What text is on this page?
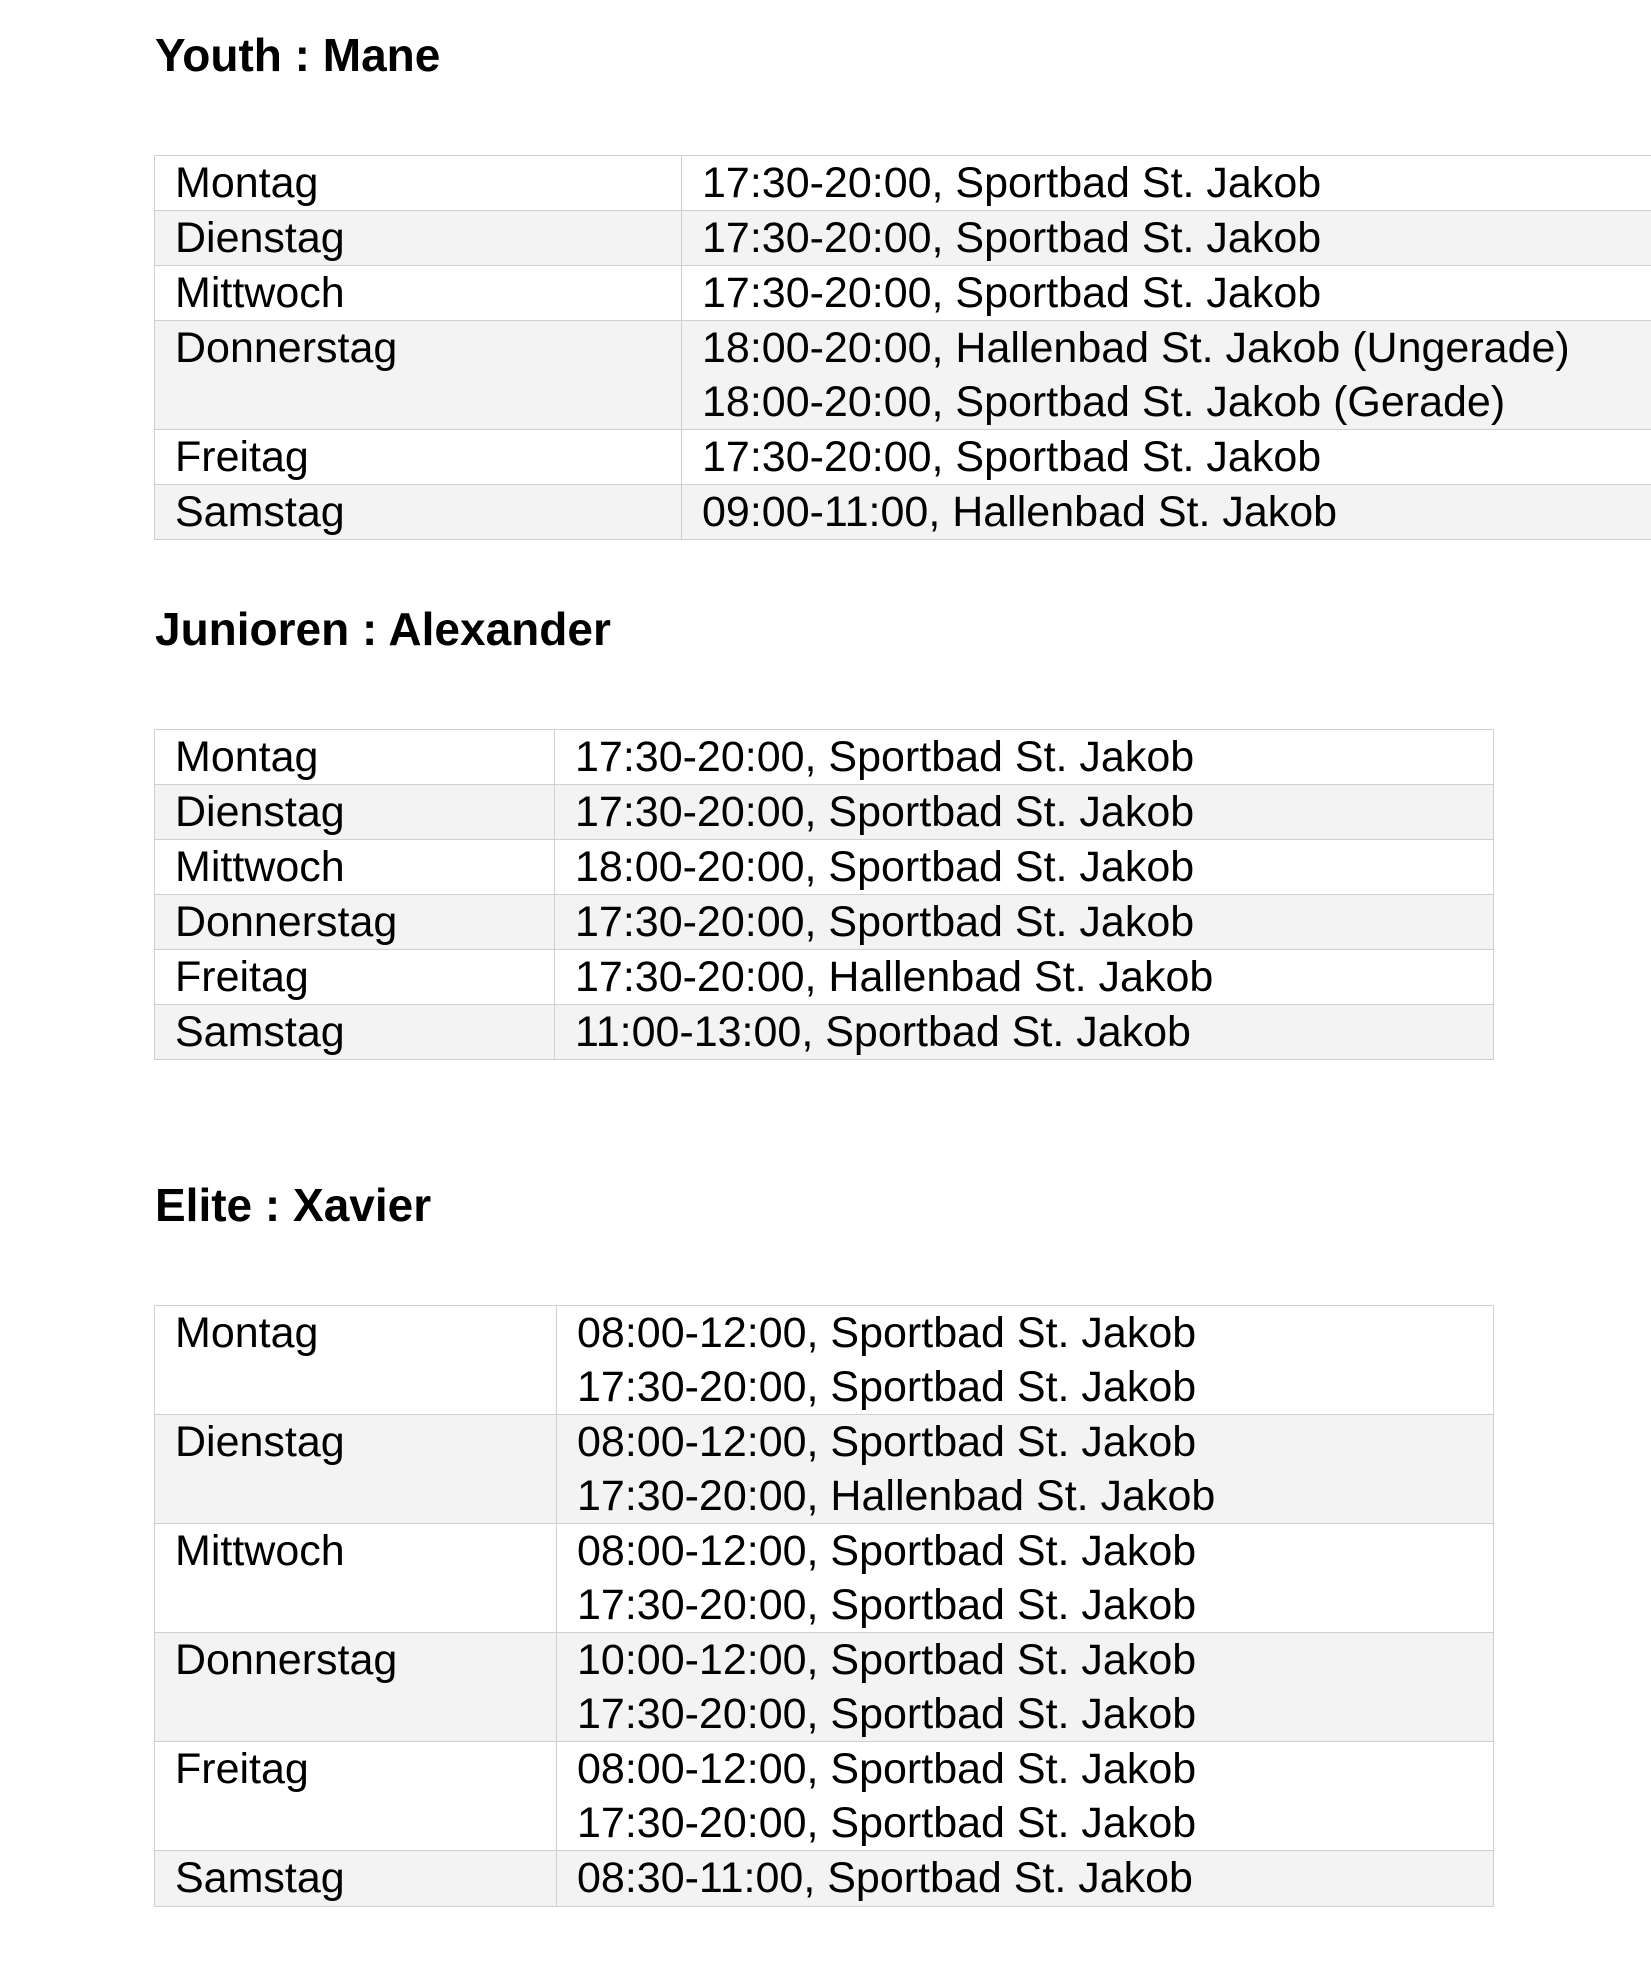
Youth : Mane
Montag	17:30-20:00, Sportbad St. Jakob

Dienstag	17:30-20:00, Sportbad St. Jakob

Mittwoch	17:30-20:00, Sportbad St. Jakob

Donnerstag	18:00-20:00, Hallenbad St. Jakob (Ungerade)
18:00-20:00, Sportbad St. Jakob (Gerade)

Freitag	17:30-20:00, Sportbad St. Jakob

Samstag	09:00-11:00, Hallenbad St. Jakob
Junioren : Alexander
Montag	17:30-20:00, Sportbad St. Jakob

Dienstag	17:30-20:00, Sportbad St. Jakob

Mittwoch	18:00-20:00, Sportbad St. Jakob

Donnerstag	17:30-20:00, Sportbad St. Jakob

Freitag	17:30-20:00, Hallenbad St. Jakob

Samstag	11:00-13:00, Sportbad St. Jakob
Elite : Xavier
Montag	08:00-12:00, Sportbad St. Jakob
17:30-20:00, Sportbad St. Jakob

Dienstag	08:00-12:00, Sportbad St. Jakob
17:30-20:00, Hallenbad St. Jakob

Mittwoch	08:00-12:00, Sportbad St. Jakob
17:30-20:00, Sportbad St. Jakob

Donnerstag	10:00-12:00, Sportbad St. Jakob
17:30-20:00, Sportbad St. Jakob

Freitag	08:00-12:00, Sportbad St. Jakob
17:30-20:00, Sportbad St. Jakob

Samstag	08:30-11:00, Sportbad St. Jakob
